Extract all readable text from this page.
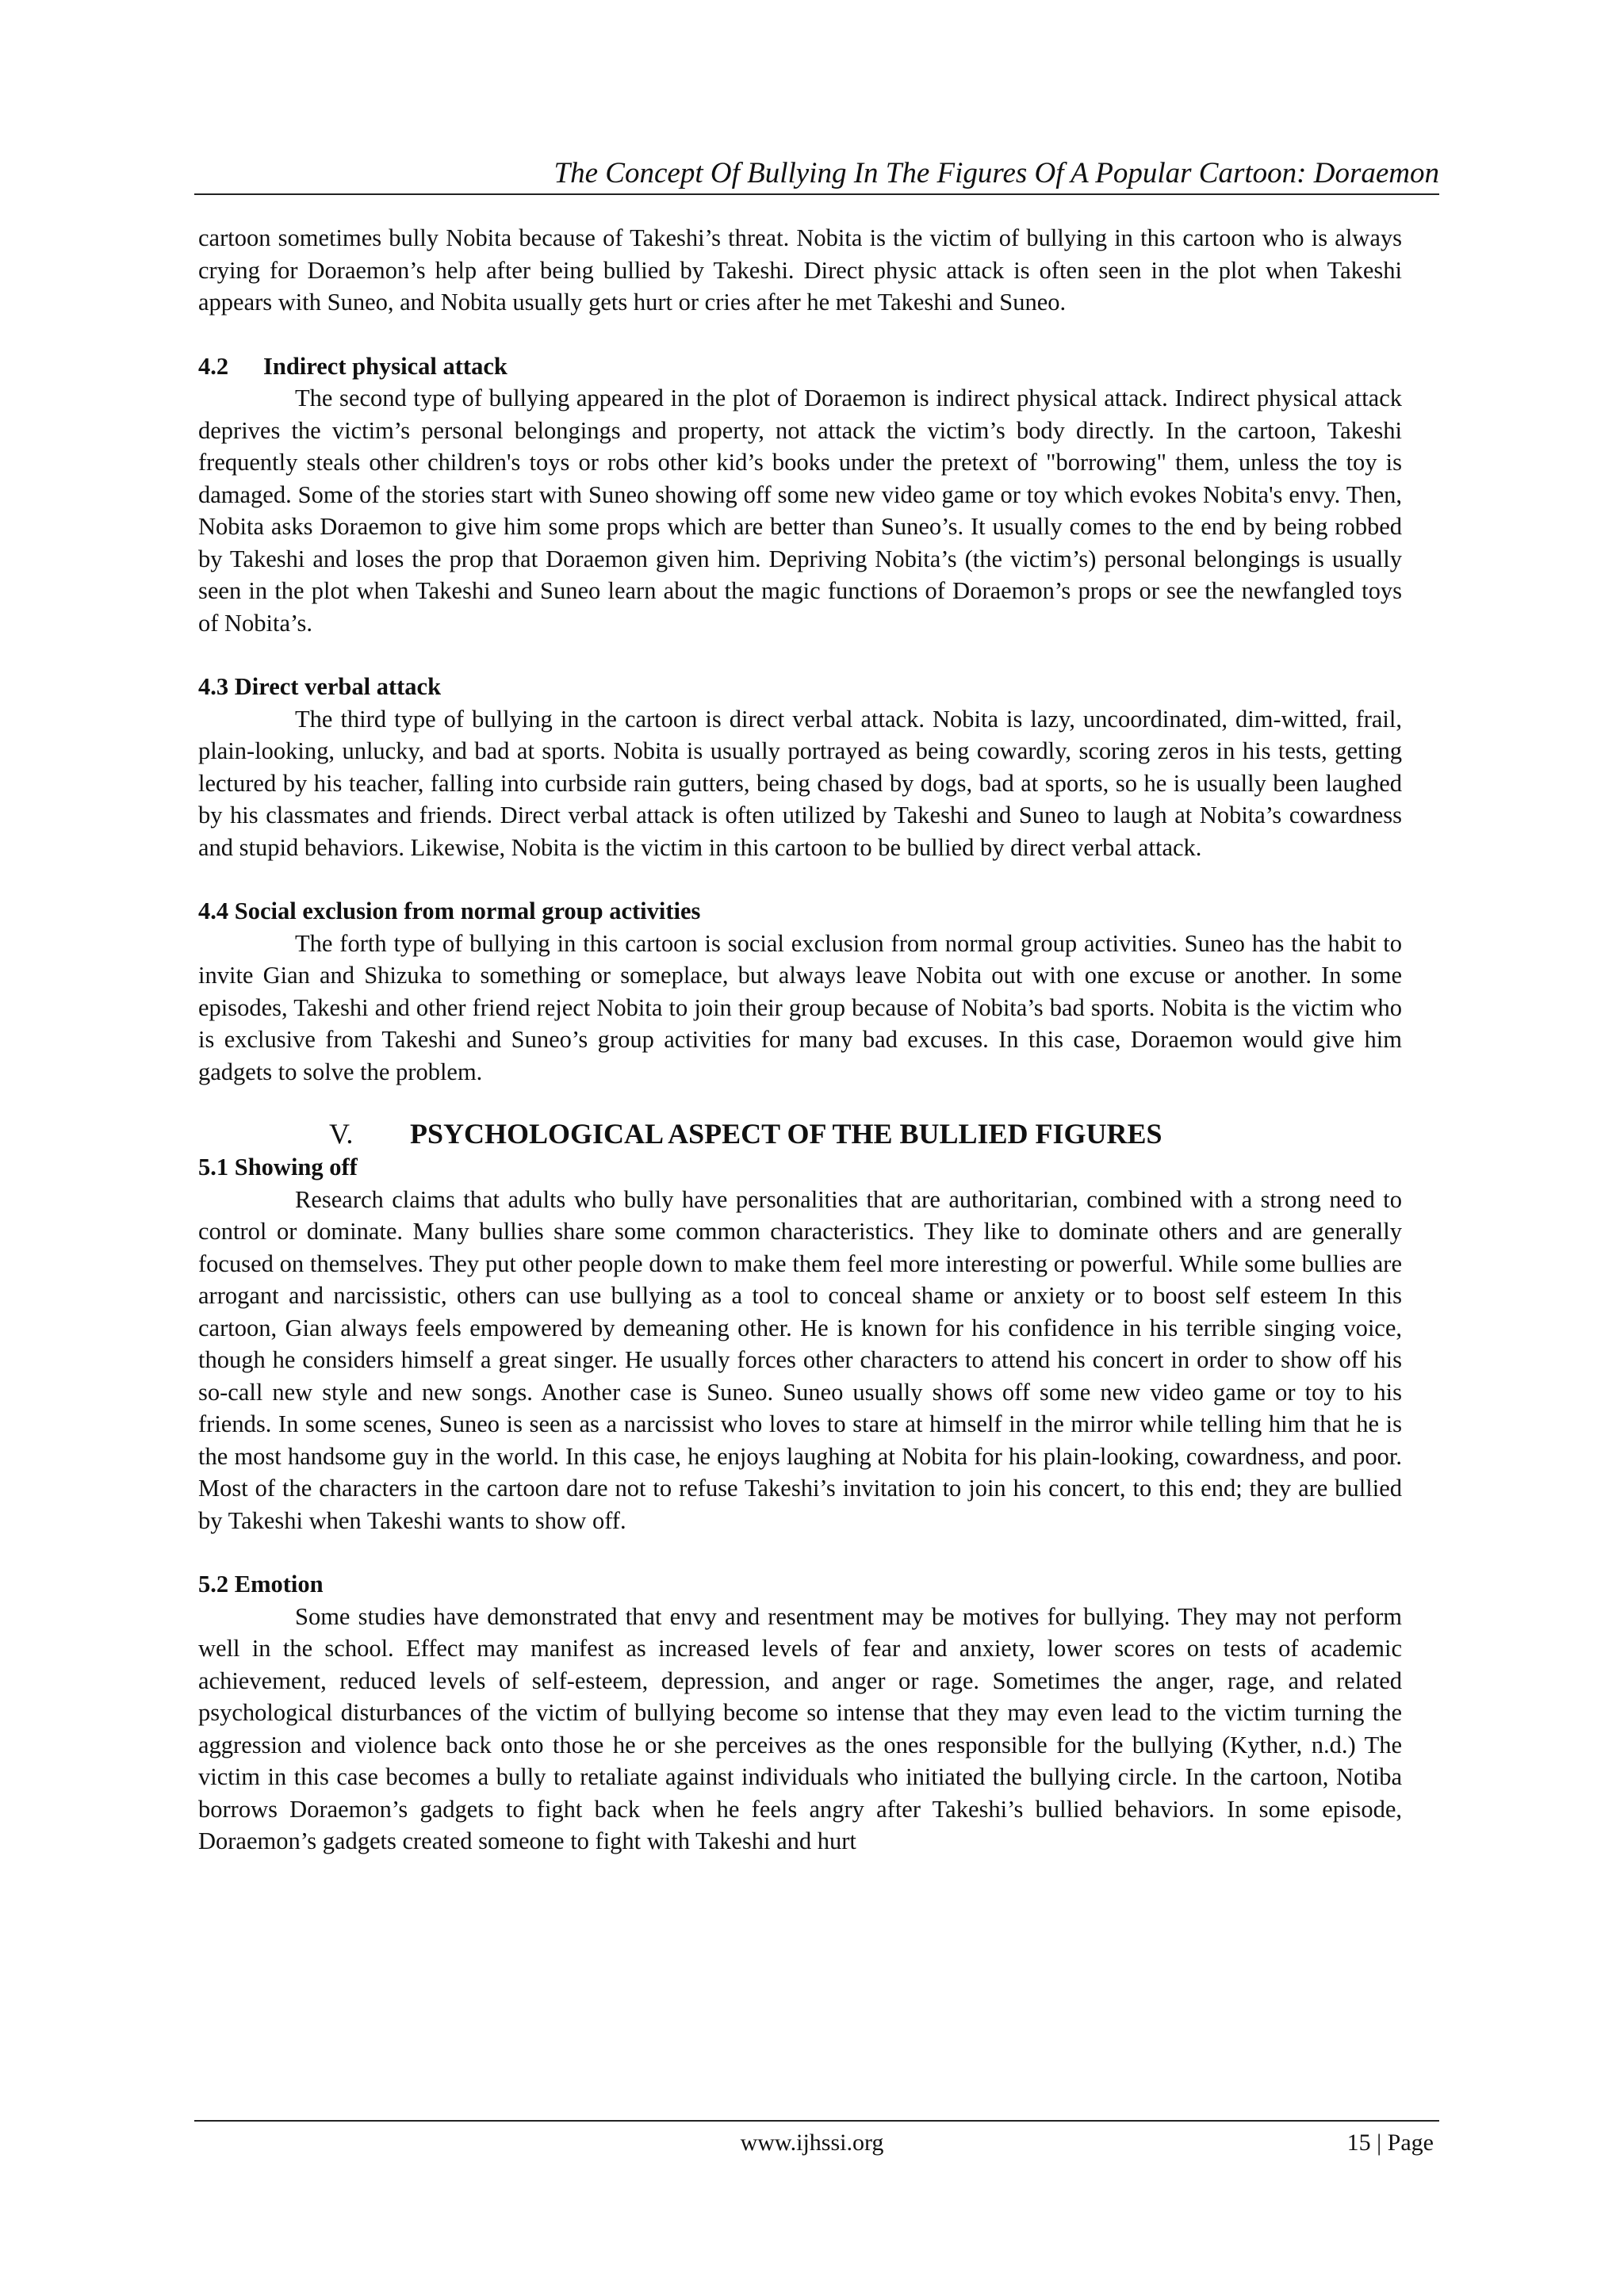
The Concept Of Bullying In The Figures Of A Popular Cartoon: Doraemon

cartoon sometimes bully Nobita because of Takeshi’s threat. Nobita is the victim of bullying in this cartoon who is always crying for Doraemon’s help after being bullied by Takeshi. Direct physic attack is often seen in the plot when Takeshi appears with Suneo, and Nobita usually gets hurt or cries after he met Takeshi and Suneo.

4.2 Indirect physical attack

The second type of bullying appeared in the plot of Doraemon is indirect physical attack. Indirect physical attack deprives the victim’s personal belongings and property, not attack the victim’s body directly. In the cartoon, Takeshi frequently steals other children's toys or robs other kid’s books under the pretext of "borrowing" them, unless the toy is damaged. Some of the stories start with Suneo showing off some new video game or toy which evokes Nobita's envy. Then, Nobita asks Doraemon to give him some props which are better than Suneo’s. It usually comes to the end by being robbed by Takeshi and loses the prop that Doraemon given him. Depriving Nobita’s (the victim’s) personal belongings is usually seen in the plot when Takeshi and Suneo learn about the magic functions of Doraemon’s props or see the newfangled toys of Nobita’s.

4.3 Direct verbal attack

The third type of bullying in the cartoon is direct verbal attack. Nobita is lazy, uncoordinated, dim-witted, frail, plain-looking, unlucky, and bad at sports. Nobita is usually portrayed as being cowardly, scoring zeros in his tests, getting lectured by his teacher, falling into curbside rain gutters, being chased by dogs, bad at sports, so he is usually been laughed by his classmates and friends. Direct verbal attack is often utilized by Takeshi and Suneo to laugh at Nobita’s cowardness and stupid behaviors. Likewise, Nobita is the victim in this cartoon to be bullied by direct verbal attack.

4.4 Social exclusion from normal group activities

The forth type of bullying in this cartoon is social exclusion from normal group activities. Suneo has the habit to invite Gian and Shizuka to something or someplace, but always leave Nobita out with one excuse or another. In some episodes, Takeshi and other friend reject Nobita to join their group because of Nobita’s bad sports. Nobita is the victim who is exclusive from Takeshi and Suneo’s group activities for many bad excuses. In this case, Doraemon would give him gadgets to solve the problem.

V. PSYCHOLOGICAL ASPECT OF THE BULLIED FIGURES

5.1 Showing off

Research claims that adults who bully have personalities that are authoritarian, combined with a strong need to control or dominate. Many bullies share some common characteristics. They like to dominate others and are generally focused on themselves. They put other people down to make them feel more interesting or powerful. While some bullies are arrogant and narcissistic, others can use bullying as a tool to conceal shame or anxiety or to boost self esteem In this cartoon, Gian always feels empowered by demeaning other. He is known for his confidence in his terrible singing voice, though he considers himself a great singer. He usually forces other characters to attend his concert in order to show off his so-call new style and new songs. Another case is Suneo. Suneo usually shows off some new video game or toy to his friends. In some scenes, Suneo is seen as a narcissist who loves to stare at himself in the mirror while telling him that he is the most handsome guy in the world. In this case, he enjoys laughing at Nobita for his plain-looking, cowardness, and poor. Most of the characters in the cartoon dare not to refuse Takeshi’s invitation to join his concert, to this end; they are bullied by Takeshi when Takeshi wants to show off.

5.2 Emotion

Some studies have demonstrated that envy and resentment may be motives for bullying. They may not perform well in the school. Effect may manifest as increased levels of fear and anxiety, lower scores on tests of academic achievement, reduced levels of self-esteem, depression, and anger or rage. Sometimes the anger, rage, and related psychological disturbances of the victim of bullying become so intense that they may even lead to the victim turning the aggression and violence back onto those he or she perceives as the ones responsible for the bullying (Kyther, n.d.) The victim in this case becomes a bully to retaliate against individuals who initiated the bullying circle. In the cartoon, Notiba borrows Doraemon’s gadgets to fight back when he feels angry after Takeshi’s bullied behaviors. In some episode, Doraemon’s gadgets created someone to fight with Takeshi and hurt

www.ijhssi.org	15 | Page
